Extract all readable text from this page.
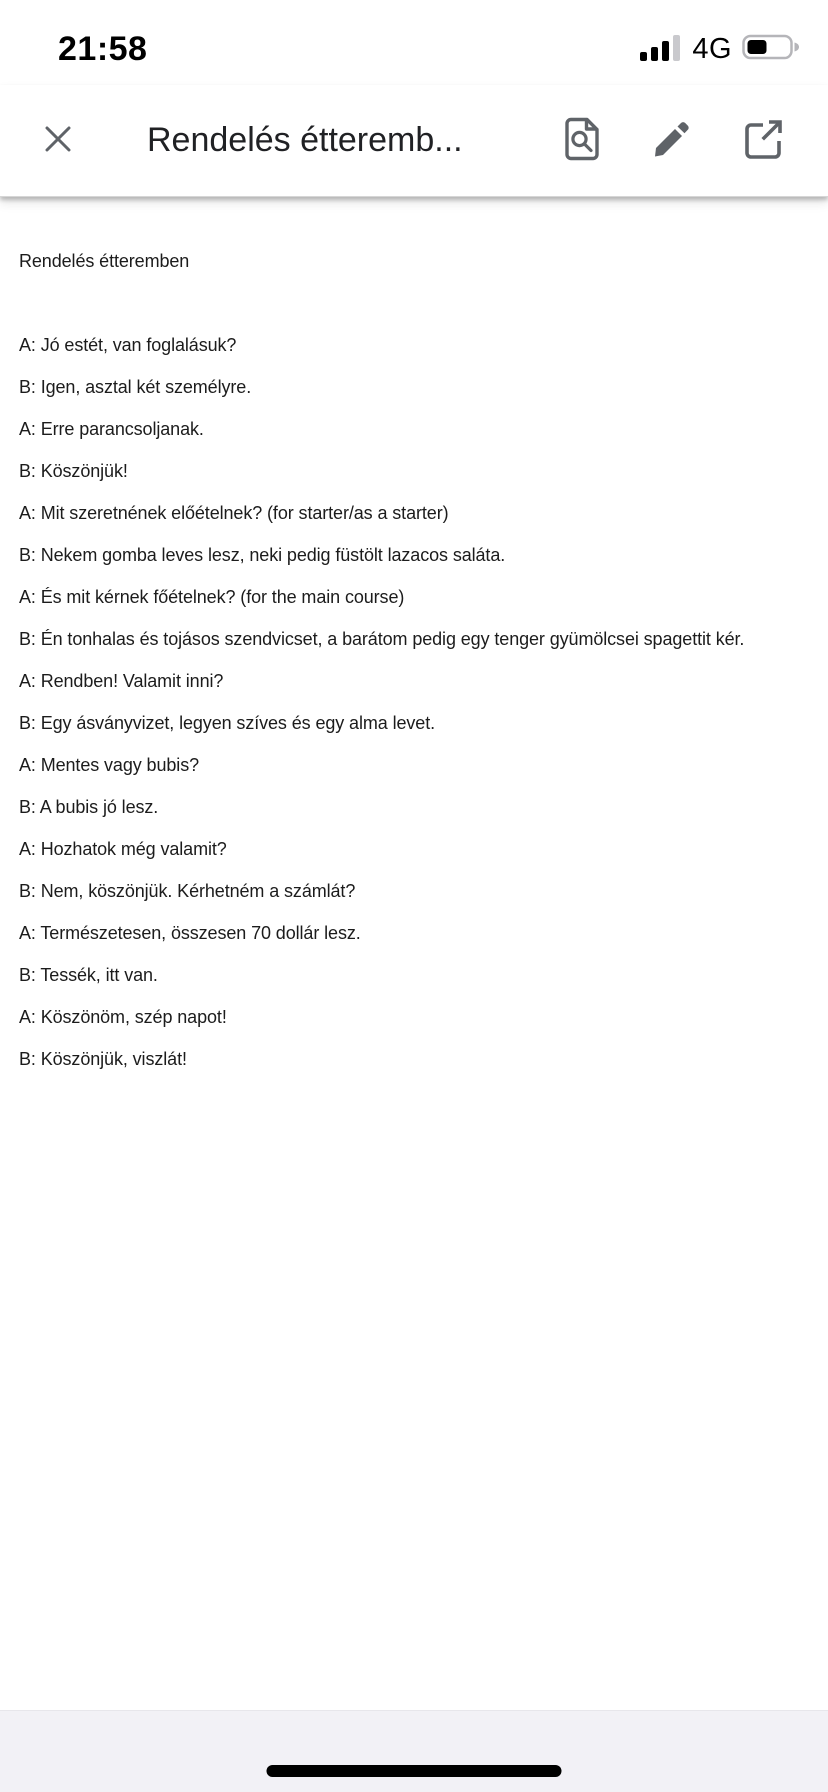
21:58	4G
Rendelés étteremb...

Rendelés étteremben

A: Jó estét, van foglalásuk?

B: Igen, asztal két személyre.

A: Erre parancsoljanak.

B: Köszönjük!

A: Mit szeretnének előételnek? (for starter/as a starter)

B: Nekem gomba leves lesz, neki pedig füstölt lazacos saláta.

A: És mit kérnek főételnek? (for the main course)

B: Én tonhalas és tojásos szendvicset, a barátom pedig egy tenger gyümölcsei spagettit kér.

A: Rendben! Valamit inni?

B: Egy ásványvizet, legyen szíves és egy alma levet.

A: Mentes vagy bubis?

B: A bubis jó lesz.

A: Hozhatok még valamit?

B: Nem, köszönjük. Kérhetném a számlát?

A: Természetesen, összesen 70 dollár lesz.

B: Tessék, itt van.

A: Köszönöm, szép napot!

B: Köszönjük, viszlát!
